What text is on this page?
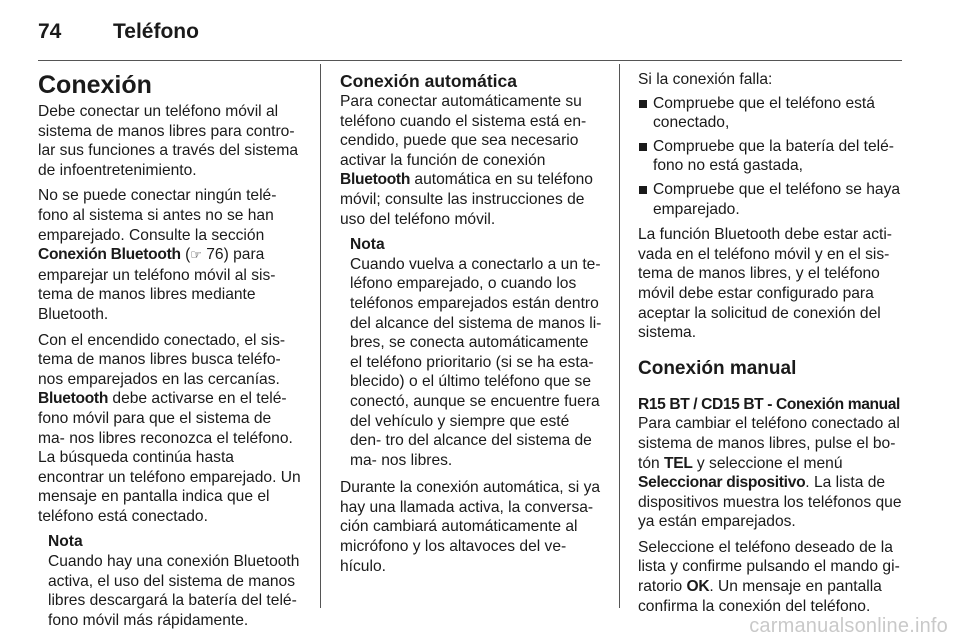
74 Teléfono
Conexión

Debe conectar un teléfono móvil al sistema de manos libres para contro- lar sus funciones a través del sistema de infoentretenimiento.

No se puede conectar ningún telé- fono al sistema si antes no se han emparejado. Consulte la sección Conexión Bluetooth (☞ 76) para emparejar un teléfono móvil al sis- tema de manos libres mediante Bluetooth.

Con el encendido conectado, el sis- tema de manos libres busca teléfo- nos emparejados en las cercanías. Bluetooth debe activarse en el telé- fono móvil para que el sistema de ma- nos libres reconozca el teléfono. La búsqueda continúa hasta encontrar un teléfono emparejado. Un mensaje en pantalla indica que el teléfono está conectado.

Nota

Cuando hay una conexión Bluetooth activa, el uso del sistema de manos libres descargará la batería del telé- fono móvil más rápidamente.

Conexión automática

Para conectar automáticamente su teléfono cuando el sistema está en- cendido, puede que sea necesario activar la función de conexión Bluetooth automática en su teléfono móvil; consulte las instrucciones de uso del teléfono móvil.

Nota

Cuando vuelva a conectarlo a un te- léfono emparejado, o cuando los teléfonos emparejados están dentro del alcance del sistema de manos li- bres, se conecta automáticamente el teléfono prioritario (si se ha esta- blecido) o el último teléfono que se conectó, aunque se encuentre fuera del vehículo y siempre que esté den- tro del alcance del sistema de ma- nos libres.

Durante la conexión automática, si ya hay una llamada activa, la conversa- ción cambiará automáticamente al micrófono y los altavoces del ve- hículo.

Si la conexión falla:

Compruebe que el teléfono está conectado,
Compruebe que la batería del telé- fono no está gastada,
Compruebe que el teléfono se haya emparejado.

La función Bluetooth debe estar acti- vada en el teléfono móvil y en el sis- tema de manos libres, y el teléfono móvil debe estar configurado para aceptar la solicitud de conexión del sistema.

Conexión manual
R15 BT / CD15 BT - Conexión manual

Para cambiar el teléfono conectado al sistema de manos libres, pulse el bo- tón TEL y seleccione el menú Seleccionar dispositivo. La lista de dispositivos muestra los teléfonos que ya están emparejados.

Seleccione el teléfono deseado de la lista y confirme pulsando el mando gi- ratorio OK. Un mensaje en pantalla confirma la conexión del teléfono.

carmanualsonline.info
